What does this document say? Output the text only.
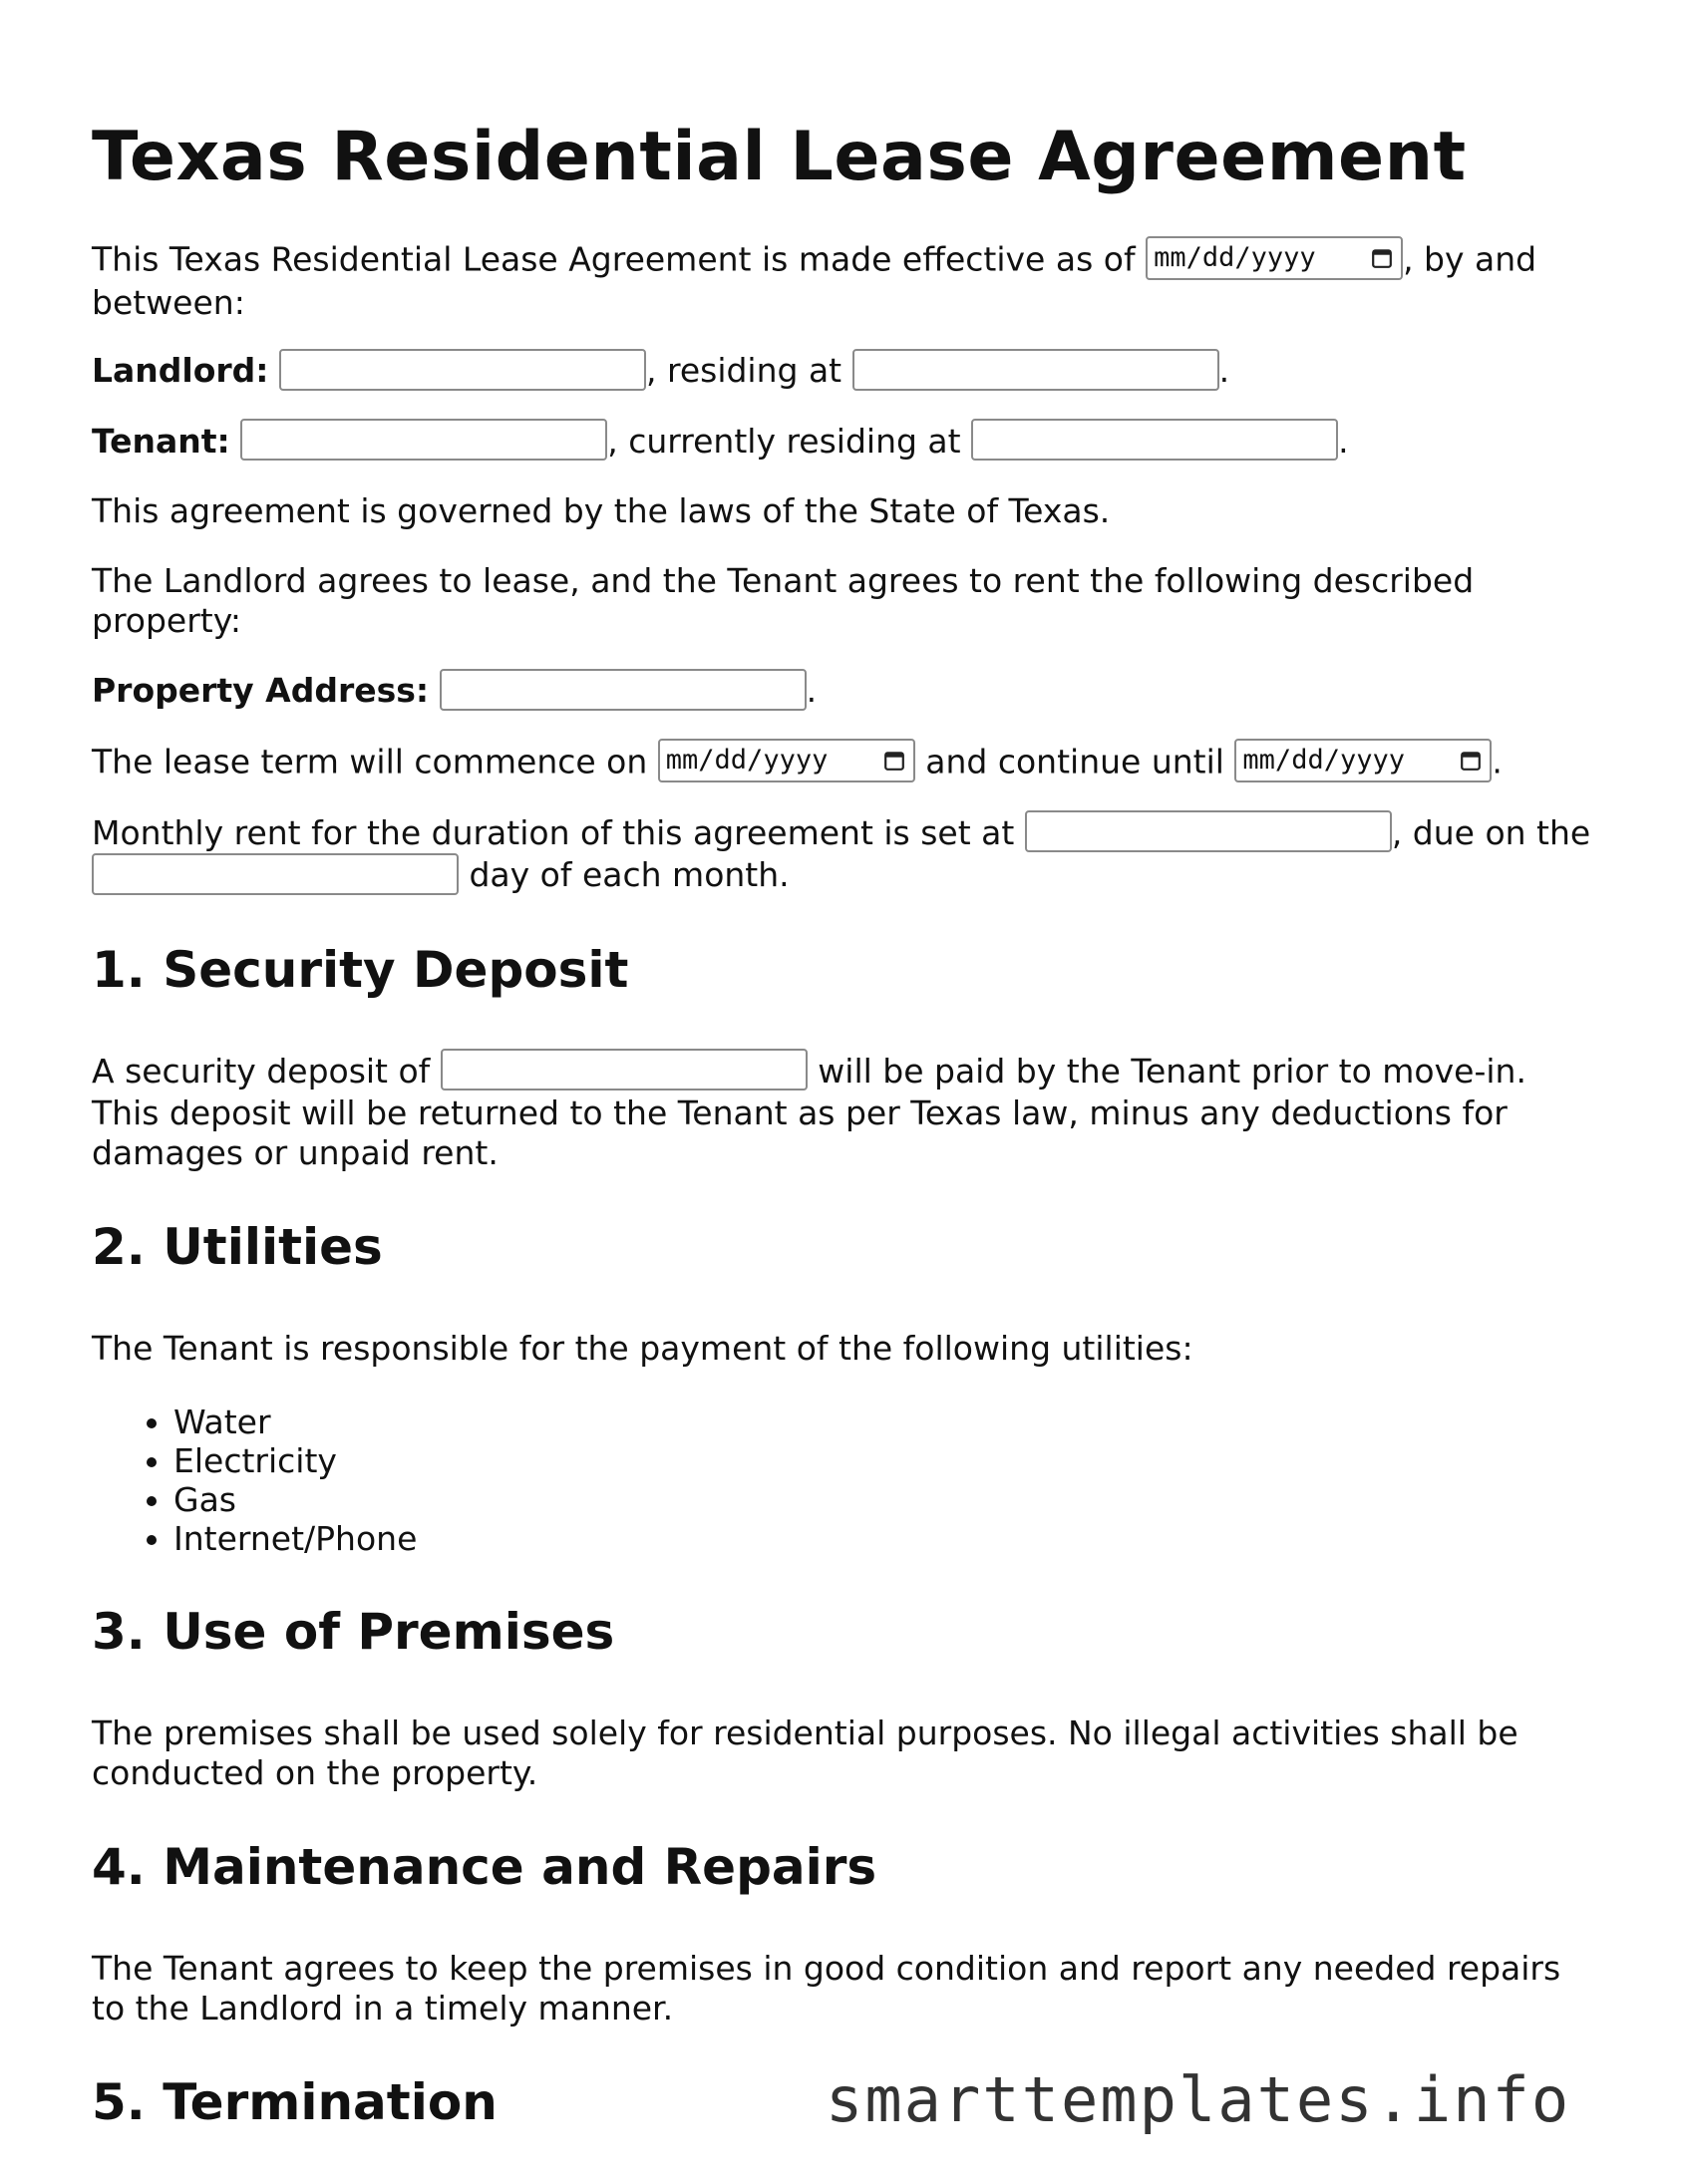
Texas Residential Lease Agreement

This Texas Residential Lease Agreement is made effective as of mm/dd/yyyy	, by and between:

Landlord:	, residing at	.

Tenant:	, currently residing at	.

This agreement is governed by the laws of the State of Texas.

The Landlord agrees to lease, and the Tenant agrees to rent the following described property:

Property Address:	.

The lease term will commence on mm/dd/yyyy	and continue until mm/dd/yyyy	.

Monthly rent for the duration of this agreement is set at	, due on the  day of each month.

1. Security Deposit

A security deposit of	will be paid by the Tenant prior to move-in. This deposit will be returned to the Tenant as per Texas law, minus any deductions for damages or unpaid rent.

2. Utilities

The Tenant is responsible for the payment of the following utilities:

• Water
• Electricity
• Gas
• Internet/Phone
3. Use of Premises

The premises shall be used solely for residential purposes. No illegal activities shall be conducted on the property.

4. Maintenance and Repairs

The Tenant agrees to keep the premises in good condition and report any needed repairs to the Landlord in a timely manner.

5. Termination	smarttemplates.info
